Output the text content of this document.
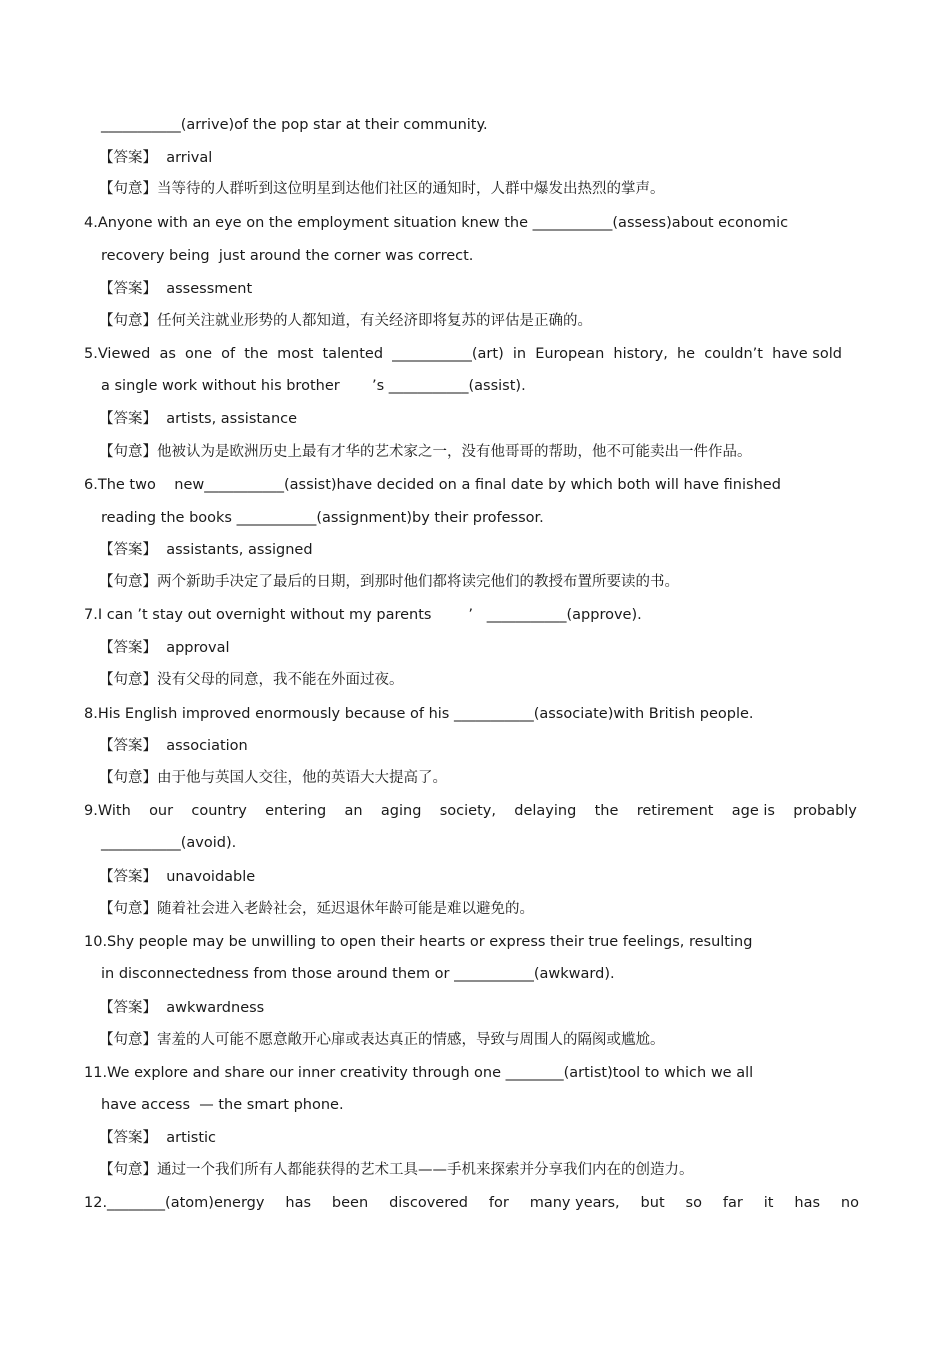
___________(arrive)of the pop star at their community.
【答案】  arrival
【句意】当等待的人群听到这位明星到达他们社区的通知时，人群中爆发出热烈的掌声。
4.Anyone with an eye on the employment situation knew the ___________(assess)about economic
recovery being  just around the corner was correct.
【答案】  assessment
【句意】任何关注就业形势的人都知道，有关经济即将复苏的评估是正确的。
5.Viewed as one of the most talented ___________(art) in European history, he couldn’t have sold
a single work without his brother       ’s ___________(assist).
【答案】  artists, assistance
【句意】他被认为是欧洲历史上最有才华的艺术家之一，没有他哥哥的帮助，他不可能卖出一件作品。
6.The two    new___________(assist)have decided on a final date by which both will have finished
reading the books ___________(assignment)by their professor.
【答案】  assistants, assigned
【句意】两个新助手决定了最后的日期，到那时他们都将读完他们的教授布置所要读的书。
7.I can ’t stay out overnight without my parents        ’   ___________(approve).
【答案】  approval
【句意】没有父母的同意，我不能在外面过夜。
8.His English improved enormously because of his ___________(associate)with British people.
【答案】  association
【句意】由于他与英国人交往，他的英语大大提高了。
9.With our country entering an aging society, delaying the retirement age is probably
___________(avoid).
【答案】  unavoidable
【句意】随着社会进入老龄社会，延迟退休年龄可能是难以避免的。
10.Shy people may be unwilling to open their hearts or express their true feelings, resulting
in disconnectedness from those around them or ___________(awkward).
【答案】  awkwardness
【句意】害羞的人可能不愿意敞开心扉或表达真正的情感，导致与周围人的隔阂或尴尬。
11.We explore and share our inner creativity through one ________(artist)tool to which we all
have access  — the smart phone.
【答案】  artistic
【句意】通过一个我们所有人都能获得的艺术工具——手机来探索并分享我们内在的创造力。
12.________(atom)energy has been discovered for many years, but so far it has no
